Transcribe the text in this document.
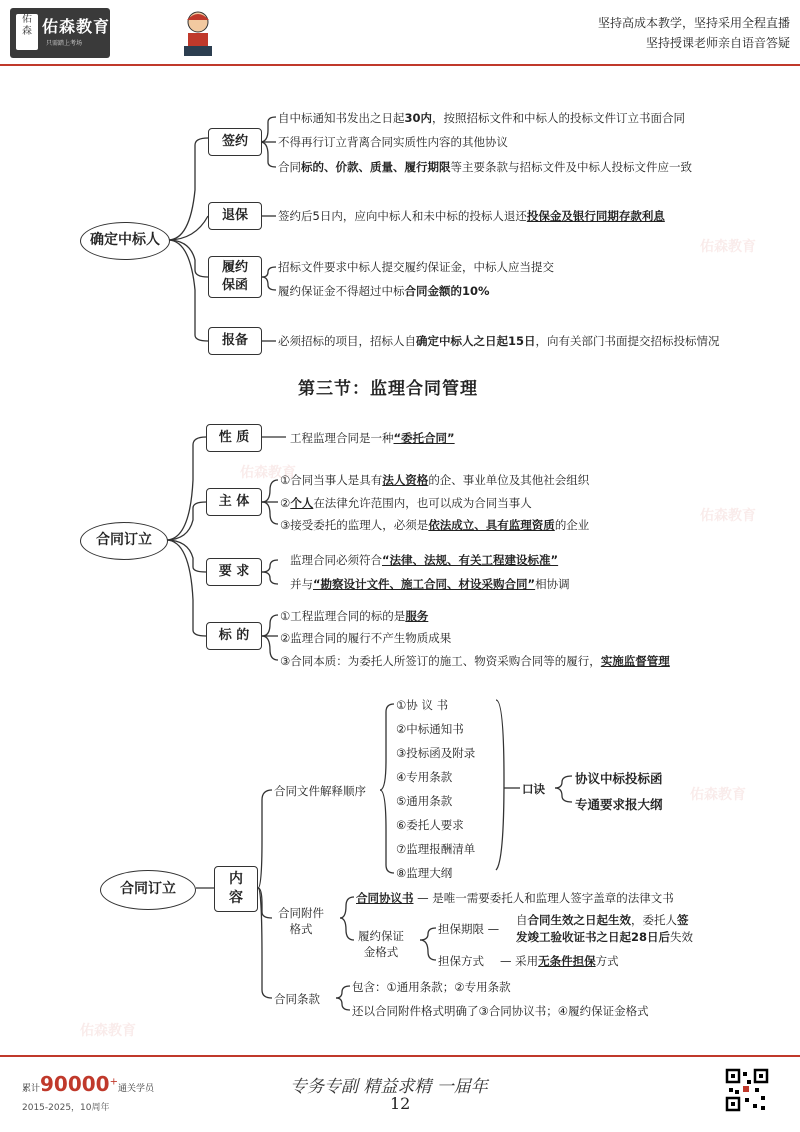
佑
森 佑森教育
只需踏上考场
坚持高成本教学，坚持采用全程直播
坚持授课老师亲自语音答疑
佑森教育
佑森教育
佑森教育
佑森教育
佑森教育
确定中标人
签约
退保
履约
保函
报备
自中标通知书发出之日起30内，按照招标文件和中标人的投标文件订立书面合同
不得再行订立背离合同实质性内容的其他协议
合同标的、价款、质量、履行期限等主要条款与招标文件及中标人投标文件应一致
签约后5日内，应向中标人和未中标的投标人退还投保金及银行同期存款利息
招标文件要求中标人提交履约保证金，中标人应当提交
履约保证金不得超过中标合同金额的10%
必须招标的项目，招标人自确定中标人之日起15日，向有关部门书面提交招标投标情况
第三节：监理合同管理
合同订立
性 质
主 体
要 求
标 的
工程监理合同是一种“委托合同”
①合同当事人是具有法人资格的企、事业单位及其他社会组织
②个人在法律允许范围内，也可以成为合同当事人
③接受委托的监理人，必须是依法成立、具有监理资质的企业
监理合同必须符合“法律、法规、有关工程建设标准”
并与“勘察设计文件、施工合同、材设采购合同”相协调
①工程监理合同的标的是服务
②监理合同的履行不产生物质成果
③合同本质：为委托人所签订的施工、物资采购合同等的履行，实施监督管理
合同订立
内
容
合同文件解释顺序
①协 议 书
②中标通知书
③投标函及附录
④专用条款
⑤通用条款
⑥委托人要求
⑦监理报酬清单
⑧监理大纲
口诀
协议中标投标函
专通要求报大纲
合同附件
格式
合同协议书 — 是唯一需要委托人和监理人签字盖章的法律文书
履约保证
金格式
担保期限 —
自合同生效之日起生效，委托人签
发竣工验收证书之日起28日后失效
担保方式 — 采用无条件担保方式
合同条款
包含：①通用条款；②专用条款
还以合同附件格式明确了③合同协议书；④履约保证金格式
累计90000+通关学员
2015-2025，10周年
专务专副 精益求精 一届年
12
